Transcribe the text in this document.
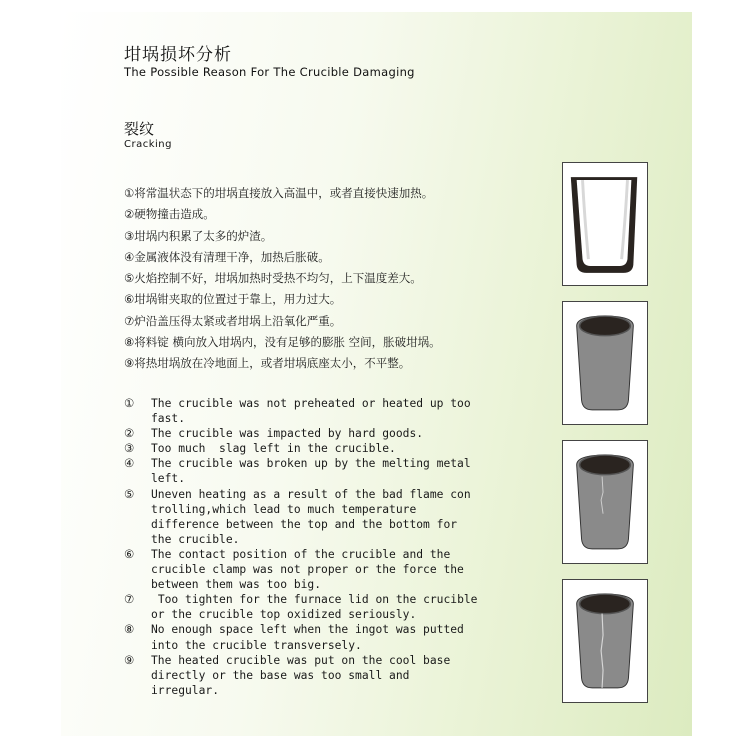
坩埚损坏分析
The Possible Reason For The Crucible Damaging
裂纹
Cracking
①将常温状态下的坩埚直接放入高温中，或者直接快速加热。
②硬物撞击造成。
③坩埚内积累了太多的炉渣。
④金属液体没有清理干净，加热后胀破。
⑤火焰控制不好，坩埚加热时受热不均匀，上下温度差大。
⑥坩埚钳夹取的位置过于靠上，用力过大。
⑦炉沿盖压得太紧或者坩埚上沿氧化严重。
⑧将料锭 横向放入坩埚内，没有足够的膨胀 空间，胀破坩埚。
⑨将热坩埚放在冷地面上，或者坩埚底座太小，不平整。
①	The crucible was not preheated or heated up too fast.
②	The crucible was impacted by hard goods.
③	Too much  slag left in the crucible.
④	The crucible was broken up by the melting metal left.
⑤	Uneven heating as a result of the bad flame con trolling,which lead to much temperature difference between the top and the bottom for the crucible.
⑥	The contact position of the crucible and the crucible clamp was not proper or the force the between them was too big.
⑦	Too tighten for the furnace lid on the crucible or the crucible top oxidized seriously.
⑧	No enough space left when the ingot was putted into the crucible transversely.
⑨	The heated crucible was put on the cool base directly or the base was too small and irregular.
